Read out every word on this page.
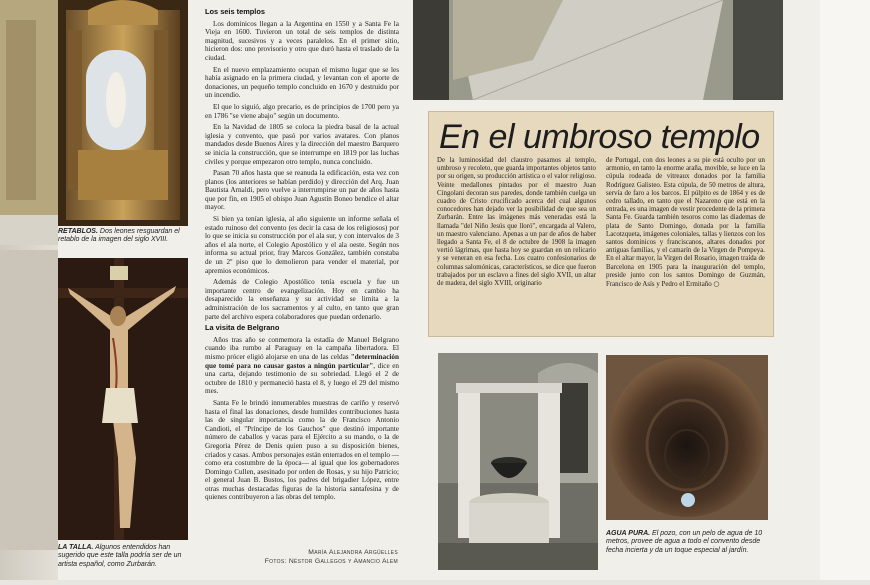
RETABLOS. Dos leones resguardan el retablo de la imagen del siglo XVIII.
LA TALLA. Algunos entendidos han sugerido que este talla podría ser de un artista español, como Zurbarán.
Los seis templos

Los dominicos llegan a la Argentina en 1550 y a Santa Fe la Vieja en 1600. Tuvieron un total de seis templos de distinta magnitud, sucesivos y a veces paralelos. En el primer sitio, hicieron dos: uno provisorio y otro que duró hasta el traslado de la ciudad.

En el nuevo emplazamiento ocupan el mismo lugar que se les había asignado en la primera ciudad, y levantan con el aporte de donaciones, un pequeño templo concluido en 1670 y destruido por un incendio.

El que lo siguió, algo precario, es de principios de 1700 pero ya en 1786 "se viene abajo" según un documento.

En la Navidad de 1805 se coloca la piedra basal de la actual iglesia y convento, que pasó por varios avatares. Con planos mandados desde Buenos Aires y la dirección del maestro Barquero se inicia la construcción, que se interrumpe en 1819 por las luchas civiles y porque empezaron otro templo, nunca concluido.

Pasan 70 años hasta que se reanuda la edificación, esta vez con planos (los anteriores se habían perdido) y dirección del Arq. Juan Bautista Arnaldi, pero vuelve a interrumpirse un par de años hasta que por fin, en 1905 el obispo Juan Agustín Boneo bendice el altar mayor.

Si bien ya tenían iglesia, al año siguiente un informe señala el estado ruinoso del convento (es decir la casa de los religiosos) por lo que se inicia su construcción por el ala sur, y con intervalos de 3 años el ala norte, el Colegio Apostólico y el ala oeste. Según nos informa su actual prior, fray Marcos González, también constaba de un 2º piso que lo demolieron para vender el material, por apremios económicos.

Además de Colegio Apostólico tenía escuela y fue un importante centro de evangelización. Hoy en cambio ha desaparecido la enseñanza y su actividad se limita a la administración de los sacramentos y al culto, en tanto que gran parte del archivo espera colaboradores que puedan ordenarlo.

La visita de Belgrano

Años tras año se conmemora la estadía de Manuel Belgrano cuando iba rumbo al Paraguay en la campaña libertadora. El mismo prócer eligió alojarse en una de las celdas "determinación que tomé para no causar gastos a ningún particular", dice en una carta, dejando testimonio de su sobriedad. Llegó el 2 de octubre de 1810 y permaneció hasta el 8, y luego el 29 del mismo mes.

Santa Fe le brindó innumerables muestras de cariño y reservó hasta el final las donaciones, desde humildes contribuciones hasta las de singular importancia como la de Francisco Antonio Candioti, el "Príncipe de los Gauchos" que destinó importante número de caballos y vacas para el Ejército a su mando, o la de Gregoria Pérez de Denis quien puso a su disposición bienes, criados y casas. Ambos personajes están enterrados en el templo —como era costumbre de la época— al igual que los gobernadores Domingo Cullen, asesinado por orden de Rosas, y su hijo Patricio; el general Juan B. Bustos, los padres del brigadier López, entre otras muchas destacadas figuras de la historia santafesina y de quienes contribuyeron a las obras del templo.

María Alejandra Argüelles
Fotos: Néstor Gallegos y Amancio Alem
En el umbroso templo

De la luminosidad del claustro pasamos al templo, umbroso y recoleto, que guarda importantes objetos tanto por su origen, su producción artística o el valor religioso. Veinte medallones pintados por el maestro Juan Cingolani decoran sus paredes, donde también cuelga un cuadro de Cristo crucificado acerca del cual algunos conocedores han dejado ver la posibilidad de que sea un Zurbarán. Entre las imágenes más veneradas está la llamada "del Niño Jesús que lloró", encargada al Valero, un maestro valenciano. Apenas a un par de años de haber llegado a Santa Fe, el 8 de octubre de 1908 la imagen vertió lágrimas, que hasta hoy se guardan en un relicario y se veneran en esa fecha. Los cuatro confesionarios de columnas salomónicas, característicos, se dice que fueron trabajados por un esclavo a fines del siglo XVII, un altar de madera, del siglo XVIII, originario

de Portugal, con dos leones a su pie está oculto por un armonio, en tanto la enorme araña, movible, se luce en la cúpula rodeada de vitreaux donados por la familia Rodríguez Galisteo. Esta cúpula, de 50 metros de altura, servía de faro a los barcos. El púlpito es de 1864 y es de cedro tallado, en tanto que el Nazareno que está en la entrada, es una imagen de vestir procedente de la primera Santa Fe. Guarda también tesoros como las diademas de plata de Santo Domingo, donada por la familia Lacotzqueta, imágenes coloniales, tallas y lienzos con los santos dominicos y franciscanos, altares donados por antiguas familias, y el camarín de la Virgen de Pompeya. En el altar mayor, la Virgen del Rosario, imagen traída de Barcelona en 1905 para la inauguración del templo, preside junto con los santos Domingo de Guzmán, Francisco de Asís y Pedro el Ermitaño ○

AGUA PURA. El pozo, con un pelo de agua de 10 metros, provee de agua a todo el convento desde fecha incierta y da un toque especial al jardín.
